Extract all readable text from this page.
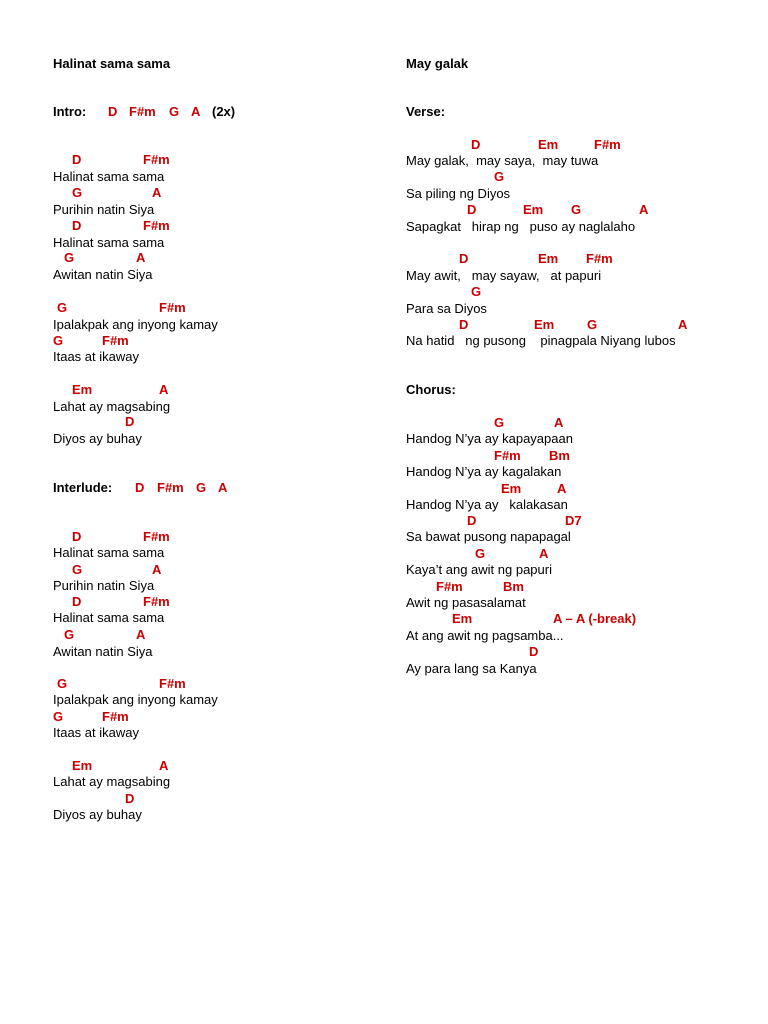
Halinat sama sama
Intro: D F#m G A (2x)
D	F#m
Halinat sama sama
G	A
Purihin natin Siya
D	F#m
Halinat sama sama
G	A
Awitan natin Siya
G	F#m
Ipalakpak ang inyong kamay
G	F#m
Itaas at ikaway
Em	A
Lahat ay magsabing
D
Diyos ay buhay
Interlude: D F#m G A
D	F#m
Halinat sama sama
G	A
Purihin natin Siya
D	F#m
Halinat sama sama
G	A
Awitan natin Siya
G	F#m
Ipalakpak ang inyong kamay
G	F#m
Itaas at ikaway
Em	A
Lahat ay magsabing
D
Diyos ay buhay
May galak
Verse:
D	Em	F#m
May galak,  may saya,  may tuwa
G
Sa piling ng Diyos
D	Em G	A
Sapagkat   hirap ng   puso ay naglalaho
D	Em F#m
May awit,   may sayaw,   at papuri
G
Para sa Diyos
D	Em	G	A
Na hatid   ng pusong    pinagpala Niyang lubos
Chorus:
G	A
Handog N’ya ay kapayapaan
F#m Bm
Handog N’ya ay kagalakan
Em	A
Handog N’ya ay   kalakasan
D	D7
Sa bawat pusong napapagal
G	A
Kaya’t ang awit ng papuri
F#m	Bm
Awit ng pasasalamat
Em	A – A (-break)
At ang awit ng pagsamba...
D
Ay para lang sa Kanya
